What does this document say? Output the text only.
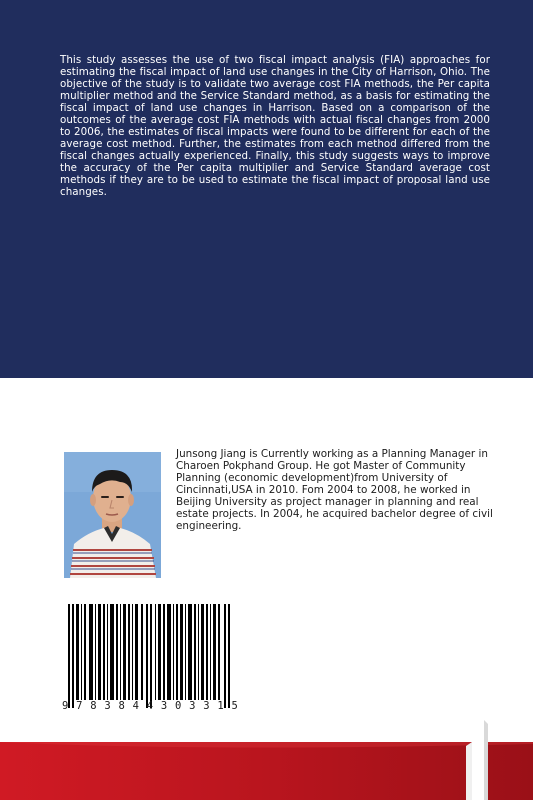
This study assesses the use of two fiscal impact analysis (FIA) approaches for estimating the fiscal impact of land use changes in the City of Harrison, Ohio. The objective of the study is to validate two average cost FIA methods, the Per capita multiplier method and the Service Standard method, as a basis for estimating the fiscal impact of land use changes in Harrison. Based on a comparison of the outcomes of the average cost FIA methods with actual fiscal changes from 2000 to 2006, the estimates of fiscal impacts were found to be different for each of the average cost method. Further, the estimates from each method differed from the fiscal changes actually experienced. Finally, this study suggests ways to improve the accuracy of the Per capita multiplier and Service Standard average cost methods if they are to be used to estimate the fiscal impact of proposal land use changes.

Junsong Jiang is Currently working as a Planning Manager in Charoen Pokphand Group. He got Master of Community Planning (economic development)from University of Cincinnati,USA in 2010. Fom 2004 to 2008, he worked in Beijing University as project manager in planning and real estate projects. In 2004, he acquired bachelor degree of civil engineering.

9 7 8 3 8 4 4 3 0 3 3 1 5
